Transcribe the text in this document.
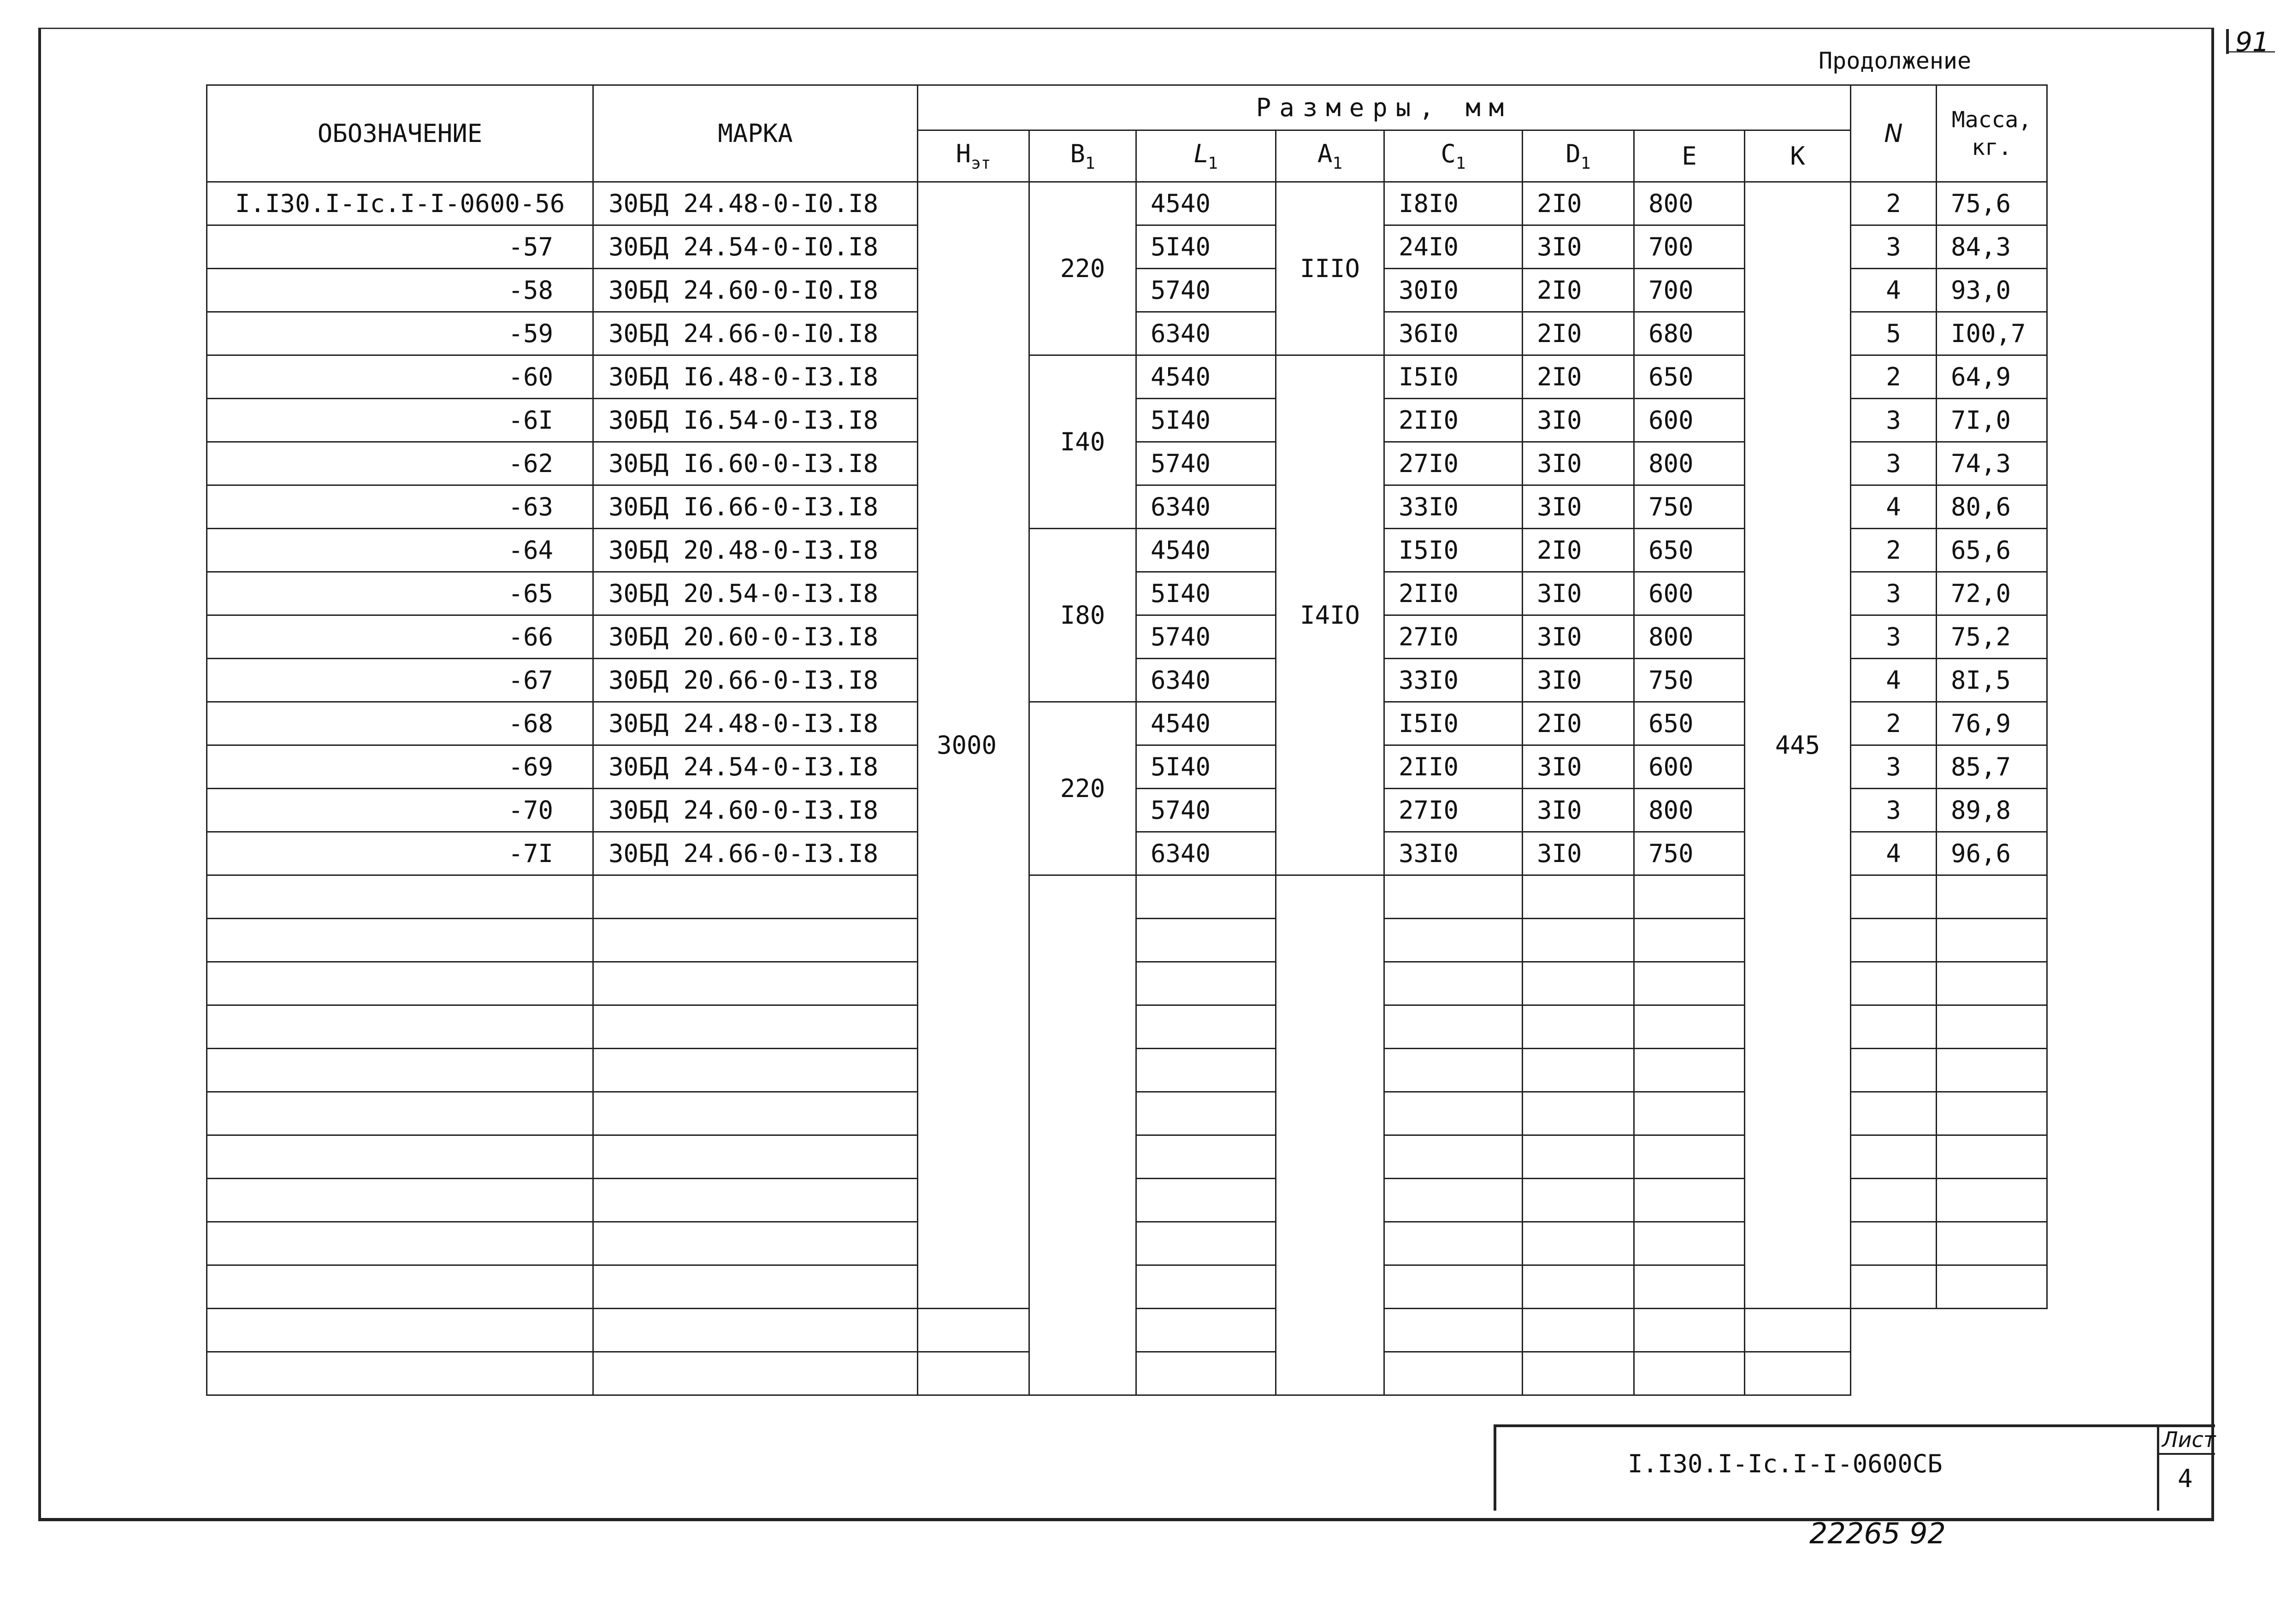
91
Продолжение
ОБОЗНАЧЕНИЕ	МАРКА	Размеры, мм								N	Масса,
кг.

		$Н_{эт}$	$В_1$	$L_1$	$А_1$	$С_1$	$D_1$	Е	К		
I.I30.I-Ic.I-I-0600-56	30БД 24.48-0-I0.I8	3000	220	4540	IIIО	I8I0	2I0	800	445	2	75,6
-57	30БД 24.54-0-I0.I8			5I40		24I0	3I0	700		3	84,3
-58	30БД 24.60-0-I0.I8			5740		30I0	2I0	700		4	93,0
-59	30БД 24.66-0-I0.I8			6340		36I0	2I0	680		5	I00,7
-60	30БД I6.48-0-I3.I8		I40	4540	I4IО	I5I0	2I0	650		2	64,9
-6I	30БД I6.54-0-I3.I8			5I40		2II0	3I0	600		3	7I,0
-62	30БД I6.60-0-I3.I8			5740		27I0	3I0	800		3	74,3
-63	30БД I6.66-0-I3.I8			6340		33I0	3I0	750		4	80,6
-64	30БД 20.48-0-I3.I8		I80	4540		I5I0	2I0	650		2	65,6
-65	30БД 20.54-0-I3.I8			5I40		2II0	3I0	600		3	72,0
-66	30БД 20.60-0-I3.I8			5740		27I0	3I0	800		3	75,2
-67	30БД 20.66-0-I3.I8			6340		33I0	3I0	750		4	8I,5
-68	30БД 24.48-0-I3.I8		220	4540		I5I0	2I0	650		2	76,9
-69	30БД 24.54-0-I3.I8			5I40		2II0	3I0	600		3	85,7
-70	30БД 24.60-0-I3.I8			5740		27I0	3I0	800		3	89,8
-7I	30БД 24.66-0-I3.I8			6340		33I0	3I0	750		4	96,6

I.I30.I-Ic.I-I-0600СБ
Лист
4
22265 92
